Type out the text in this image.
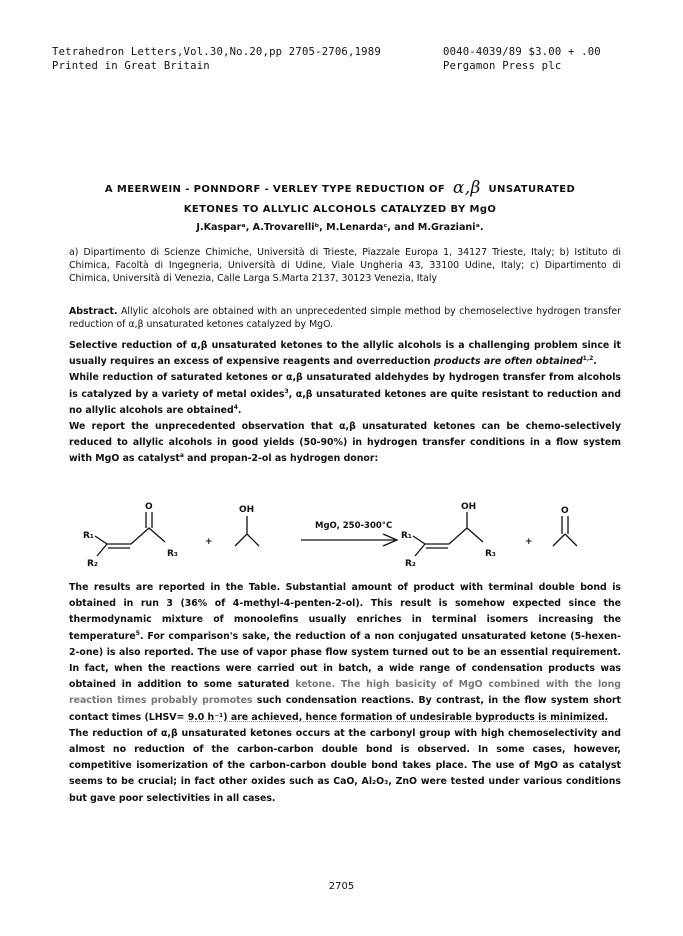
Tetrahedron Letters,Vol.30,No.20,pp 2705-2706,1989
Printed in Great Britain
0040-4039/89 $3.00 + .00
Pergamon Press plc
A MEERWEIN - PONNDORF - VERLEY TYPE REDUCTION OF α,β UNSATURATED
KETONES TO ALLYLIC ALCOHOLS CATALYZED BY MgO
J.Kasparᵃ, A.Trovarelliᵇ, M.Lenardaᶜ, and M.Grazianiᵃ.
a) Dipartimento di Scienze Chimiche, Università di Trieste, Piazzale Europa 1, 34127 Trieste, Italy; b) Istituto di Chimica, Facoltà di Ingegneria, Università di Udine, Viale Ungheria 43, 33100 Udine, Italy; c) Dipartimento di Chimica, Università di Venezia, Calle Larga S.Marta 2137, 30123 Venezia, Italy
Abstract. Allylic alcohols are obtained with an unprecedented simple method by chemoselective hydrogen transfer reduction of α,β unsaturated ketones catalyzed by MgO.

Selective reduction of α,β unsaturated ketones to the allylic alcohols is a challenging problem since it usually requires an excess of expensive reagents and overreduction products are often obtained$^{1,2}$.

While reduction of saturated ketones or α,β unsaturated aldehydes by hydrogen transfer from alcohols is catalyzed by a variety of metal oxides$^3$, α,β unsaturated ketones are quite resistant to reduction and no allylic alcohols are obtained$^4$.

We report the unprecedented observation that α,β unsaturated ketones can be chemo-selectively reduced to allylic alcohols in good yields (50-90%) in hydrogen transfer conditions in a flow system with MgO as catalyst$^a$ and propan-2-ol as hydrogen donor:

O	OH	OH	O
R₁
R₂
R₃
R₁
R₂
R₃
+	+
MgO, 250-300°C

The results are reported in the Table. Substantial amount of product with terminal double bond is obtained in run 3 (36% of 4-methyl-4-penten-2-ol). This result is somehow expected since the thermodynamic mixture of monoolefins usually enriches in terminal isomers increasing the temperature$^5$. For comparison's sake, the reduction of a non conjugated unsaturated ketone (5-hexen-2-one) is also reported. The use of vapor phase flow system turned out to be an essential requirement. In fact, when the reactions were carried out in batch, a wide range of condensation products was obtained in addition to some saturated ketone. The high basicity of MgO combined with the long reaction times probably promotes such condensation reactions. By contrast, in the flow system short contact times (LHSV= 9.0 h⁻¹) are achieved, hence formation of undesirable byproducts is minimized.

The reduction of α,β unsaturated ketones occurs at the carbonyl group with high chemoselectivity and almost no reduction of the carbon-carbon double bond is observed. In some cases, however, competitive isomerization of the carbon-carbon double bond takes place. The use of MgO as catalyst seems to be crucial; in fact other oxides such as CaO, Al₂O₃, ZnO were tested under various conditions but gave poor selectivities in all cases.

2705
